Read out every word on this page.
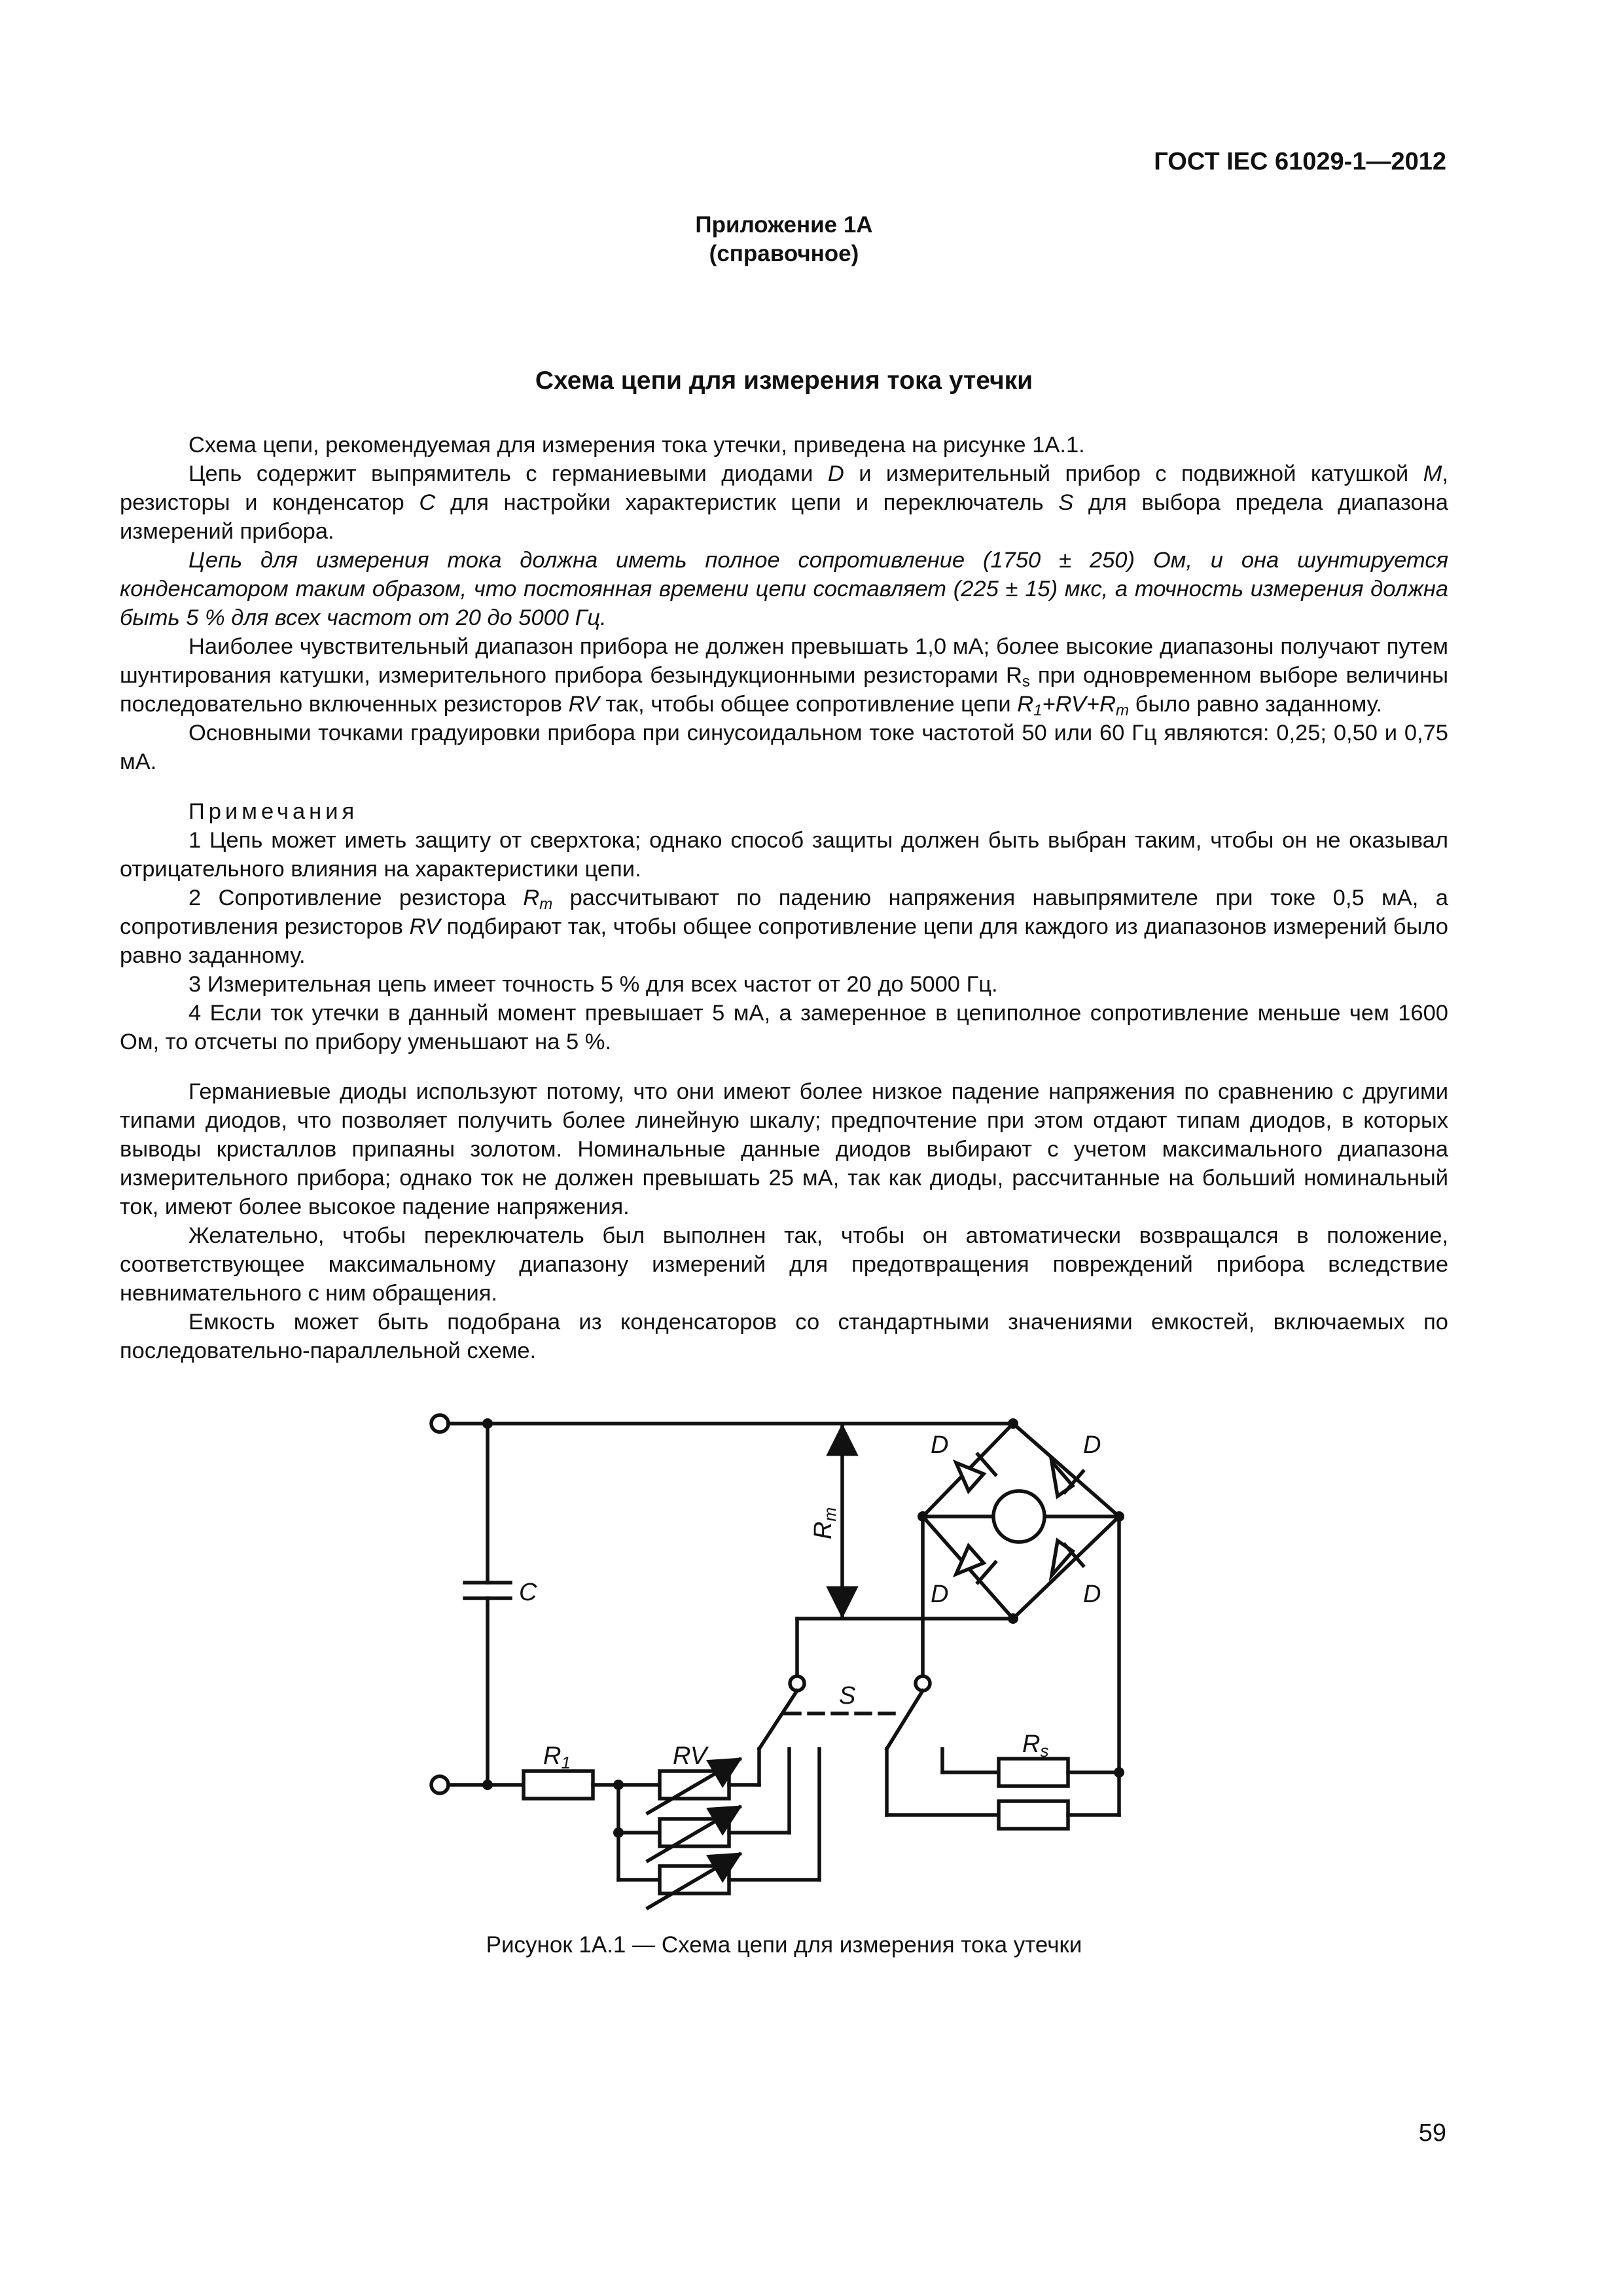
ГОСТ IEC 61029-1—2012
Приложение 1А
(справочное)
Схема цепи для измерения тока утечки

Схема цепи, рекомендуемая для измерения тока утечки, приведена на рисунке 1А.1.

Цепь содержит выпрямитель с германиевыми диодами D и измерительный прибор с подвижной катушкой M, резисторы и конденсатор C для настройки характеристик цепи и переключатель S для выбора предела диапазона измерений прибора.

Цепь для измерения тока должна иметь полное сопротивление (1750 ± 250) Ом, и она шунтируется конденсатором таким образом, что постоянная времени цепи составляет (225 ± 15) мкс, а точность измерения должна быть 5 % для всех частот от 20 до 5000 Гц.

Наиболее чувствительный диапазон прибора не должен превышать 1,0 мА; более высокие диапазоны получают путем шунтирования катушки, измерительного прибора безындукционными резисторами $R_s$ при одновременном выборе величины последовательно включенных резисторов RV так, чтобы общее сопротивление цепи $R_1+RV+R_m$ было равно заданному.

Основными точками градуировки прибора при синусоидальном токе частотой 50 или 60 Гц являются: 0,25; 0,50 и 0,75 мА.

Примечания

1 Цепь может иметь защиту от сверхтока; однако способ защиты должен быть выбран таким, чтобы он не оказывал отрицательного влияния на характеристики цепи.

2 Сопротивление резистора $R_m$ рассчитывают по падению напряжения навыпрямителе при токе 0,5 мА, а сопротивления резисторов RV подбирают так, чтобы общее сопротивление цепи для каждого из диапазонов измерений было равно заданному.

3 Измерительная цепь имеет точность 5 % для всех частот от 20 до 5000 Гц.

4 Если ток утечки в данный момент превышает 5 мА, а замеренное в цепиполное сопротивление меньше чем 1600 Ом, то отсчеты по прибору уменьшают на 5 %.

Германиевые диоды используют потому, что они имеют более низкое падение напряжения по сравнению с другими типами диодов, что позволяет получить более линейную шкалу; предпочтение при этом отдают типам диодов, в которых выводы кристаллов припаяны золотом. Номинальные данные диодов выбирают с учетом максимального диапазона измерительного прибора; однако ток не должен превышать 25 мА, так как диоды, рассчитанные на больший номинальный ток, имеют более высокое падение напряжения.

Желательно, чтобы переключатель был выполнен так, чтобы он автоматически возвращался в положение, соответствующее максимальному диапазону измерений для предотвращения повреждений прибора вследствие невнимательного с ним обращения.

Емкость может быть подобрана из конденсаторов со стандартными значениями емкостей, включаемых по последовательно-параллельной схеме.

D	D
D	D
C
S
RV
R1
Rs
Rm
Рисунок 1А.1 — Схема цепи для измерения тока утечки
59
